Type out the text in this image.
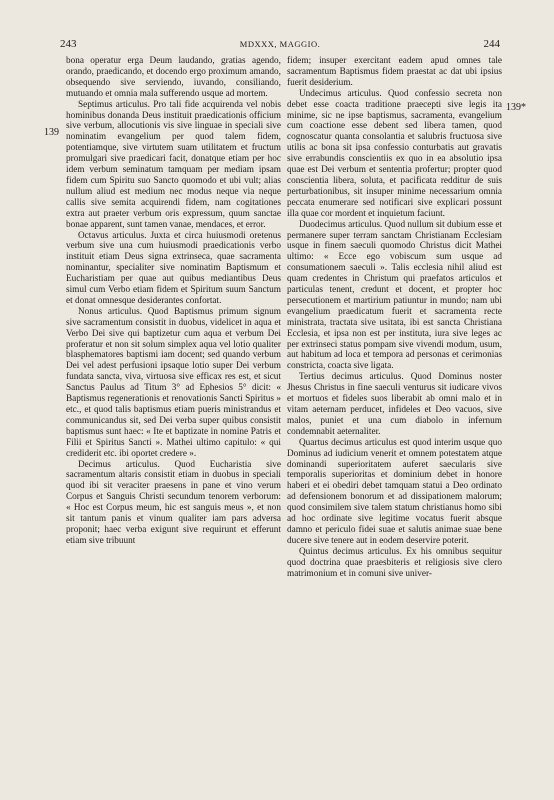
243	MDXXX, MAGGIO.	244
139
139*

bona operatur erga Deum laudando, gratias agendo, orando, praedicando, et docendo ergo proximum amando, obsequendo sive serviendo, iuvando, consiliando, mutuando et omnia mala sufferendo usque ad mortem.

Septimus articulus. Pro tali fide acquirenda vel nobis hominibus donanda Deus instituit praedicationis officium sive verbum, allocutionis vis sive linguae in speciali sive nominatim evangelium per quod talem fidem, potentiamque, sive virtutem suam utilitatem et fructum promulgari sive praedicari facit, donatque etiam per hoc idem verbum seminatum tamquam per mediam ipsam fidem cum Spiritu suo Sancto quomodo et ubi vult; alias nullum aliud est medium nec modus neque via neque callis sive semita acquirendi fidem, nam cogitationes extra aut praeter verbum oris expressum, quum sanctae bonae apparent, sunt tamen vanae, mendaces, et error.

Octavus articulus. Juxta et circa huiusmodi oretenus verbum sive una cum huiusmodi praedicationis verbo instituit etiam Deus signa extrinseca, quae sacramenta nominantur, specialiter sive nominatim Baptismum et Eucharistiam per quae aut quibus mediantibus Deus simul cum Verbo etiam fidem et Spiritum suum Sanctum et donat omnesque desiderantes confortat.

Nonus articulus. Quod Baptismus primum signum sive sacramentum consistit in duobus, videlicet in aqua et Verbo Dei sive qui baptizetur cum aqua et verbum Dei proferatur et non sit solum simplex aqua vel lotio qualiter blasphematores baptismi iam docent; sed quando verbum Dei vel adest perfusioni ipsaque lotio super Dei verbum fundata sancta, viva, virtuosa sive efficax res est, et sicut Sanctus Paulus ad Titum 3° ad Ephesios 5° dicit: « Baptismus regenerationis et renovationis Sancti Spiritus » etc., et quod talis baptismus etiam pueris ministrandus et communicandus sit, sed Dei verba super quibus consistit baptismus sunt haec: « Ite et baptizate in nomine Patris et Filii et Spiritus Sancti ». Mathei ultimo capitulo: « qui crediderit etc. ibi oportet credere ».

Decimus articulus. Quod Eucharistia sive sacramentum altaris consistit etiam in duobus in speciali quod ibi sit veraciter praesens in pane et vino verum Corpus et Sanguis Christi secundum tenorem verborum: « Hoc est Corpus meum, hic est sanguis meus », et non sit tantum panis et vinum qualiter iam pars adversa proponit; haec verba exigunt sive requirunt et efferunt etiam sive tribuunt

fidem; insuper exercitant eadem apud omnes tale sacramentum Baptismus fidem praestat ac dat ubi ipsius fuerit desiderium.

Undecimus articulus. Quod confessio secreta non debet esse coacta traditione praecepti sive legis ita minime, sic ne ipse baptismus, sacramenta, evangelium cum coactione esse debent sed libera tamen, quod cognoscatur quanta consolantia et salubris fructuosa sive utilis ac bona sit ipsa confessio conturbatis aut gravatis sive errabundis conscientiis ex quo in ea absolutio ipsa quae est Dei verbum et sententia profertur; propter quod conscientia libera, soluta, et pacificata redditur de suis perturbationibus, sit insuper minime necessarium omnia peccata enumerare sed notificari sive explicari possunt illa quae cor mordent et inquietum faciunt.

Duodecimus articulus. Quod nullum sit dubium esse et permanere super terram sanctam Christianam Ecclesiam usque in finem saeculi quomodo Christus dicit Mathei ultimo: « Ecce ego vobiscum sum usque ad consumationem saeculi ». Talis ecclesia nihil aliud est quam credentes in Christum qui praefatos articulos et particulas tenent, credunt et docent, et propter hoc persecutionem et martirium patiuntur in mundo; nam ubi evangelium praedicatum fuerit et sacramenta recte ministrata, tractata sive usitata, ibi est sancta Christiana Ecclesia, et ipsa non est per instituta, iura sive leges ac per extrinseci status pompam sive vivendi modum, usum, aut habitum ad loca et tempora ad personas et cerimonias constricta, coacta sive ligata.

Tertius decimus articulus. Quod Dominus noster Jhesus Christus in fine saeculi venturus sit iudicare vivos et mortuos et fideles suos liberabit ab omni malo et in vitam aeternam perducet, infideles et Deo vacuos, sive malos, puniet et una cum diabolo in infernum condemnabit aeternaliter.

Quartus decimus articulus est quod interim usque quo Dominus ad iudicium venerit et omnem potestatem atque dominandi superioritatem auferet saecularis sive temporalis superioritas et dominium debet in honore haberi et ei obediri debet tamquam statui a Deo ordinato ad defensionem bonorum et ad dissipationem malorum; quod consimilem sive talem statum christianus homo sibi ad hoc ordinate sive legitime vocatus fuerit absque damno et periculo fidei suae et salutis animae suae bene ducere sive tenere aut in eodem deservire poterit.

Quintus decimus articulus. Ex his omnibus sequitur quod doctrina quae praesbiteris et religiosis sive clero matrimonium et in comuni sive univer-
